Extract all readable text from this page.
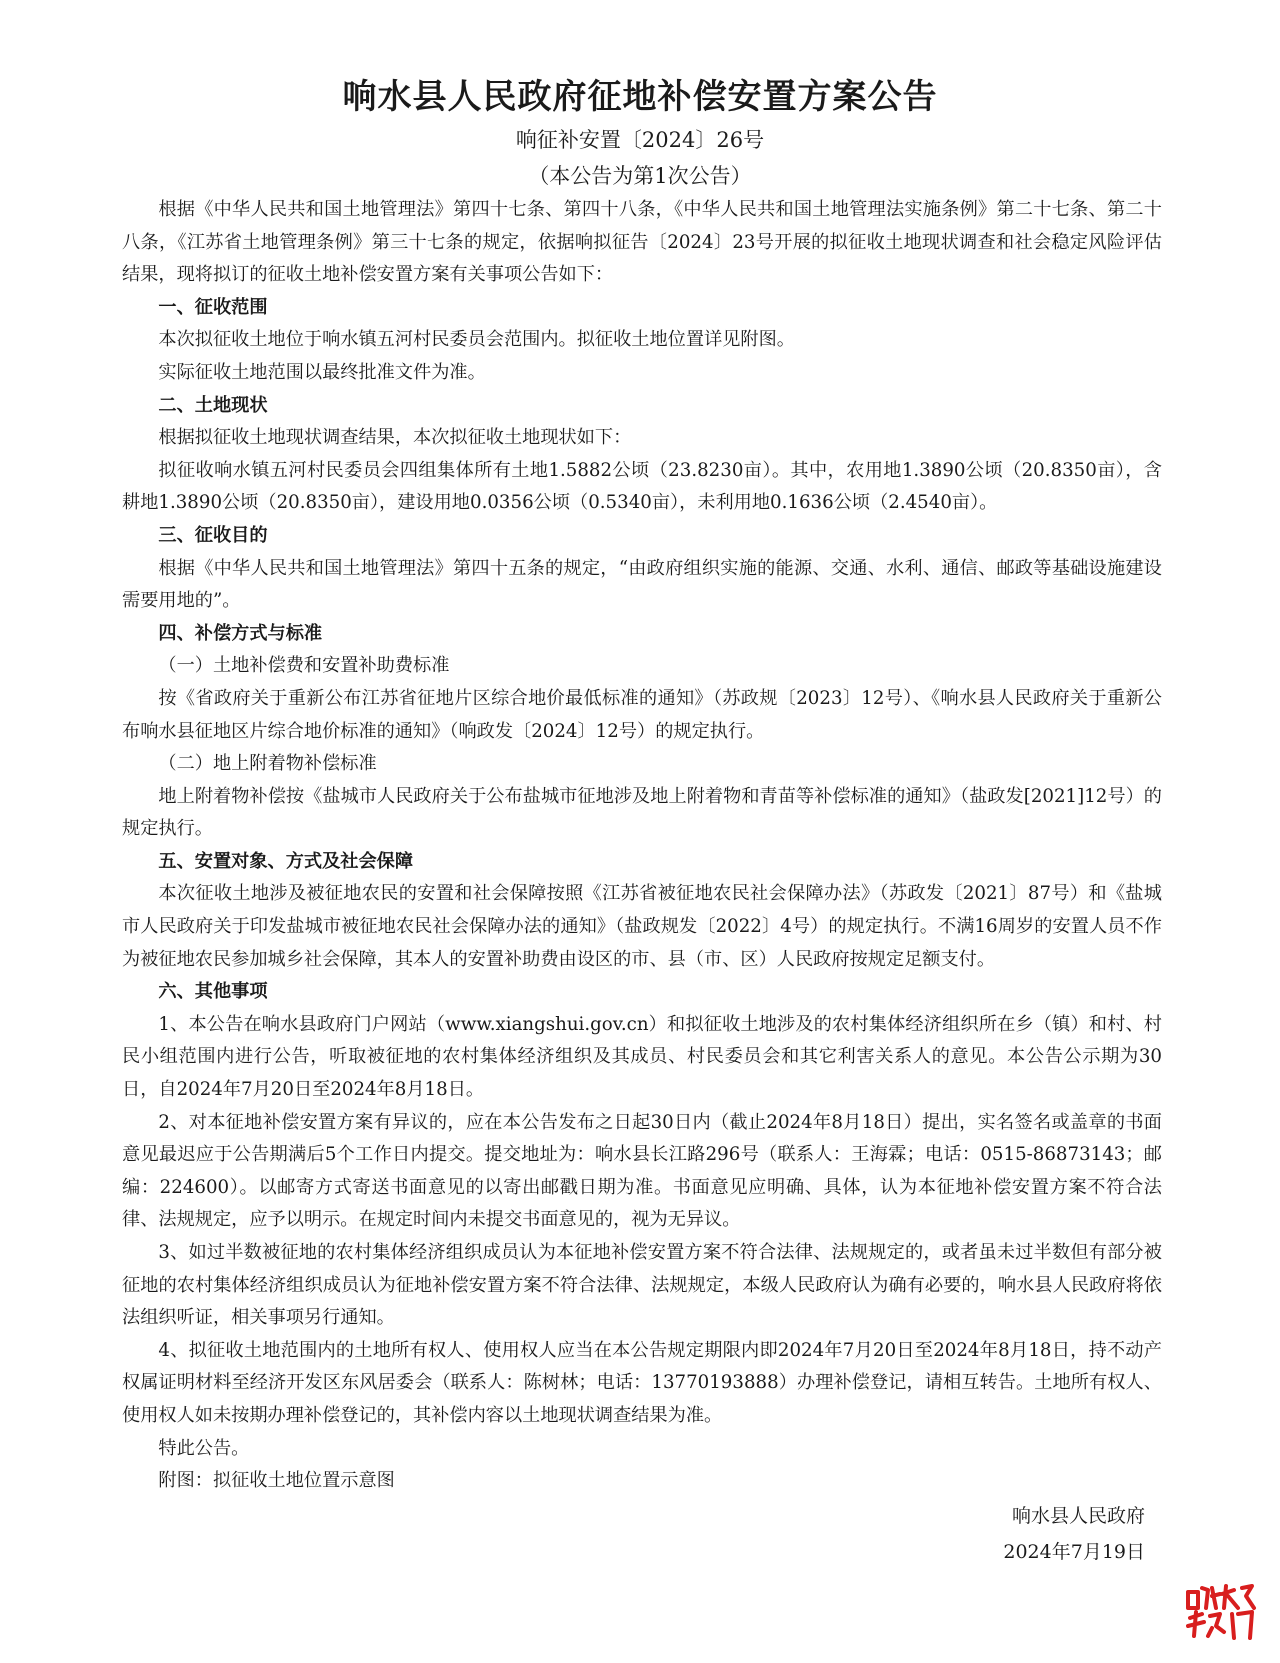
响水县人民政府征地补偿安置方案公告
响征补安置〔2024〕26号
（本公告为第1次公告）

根据《中华人民共和国土地管理法》第四十七条、第四十八条，《中华人民共和国土地管理法实施条例》第二十七条、第二十八条，《江苏省土地管理条例》第三十七条的规定，依据响拟征告〔2024〕23号开展的拟征收土地现状调查和社会稳定风险评估结果，现将拟订的征收土地补偿安置方案有关事项公告如下：

一、征收范围

本次拟征收土地位于响水镇五河村民委员会范围内。拟征收土地位置详见附图。

实际征收土地范围以最终批准文件为准。

二、土地现状

根据拟征收土地现状调查结果，本次拟征收土地现状如下：

拟征收响水镇五河村民委员会四组集体所有土地1.5882公顷（23.8230亩）。其中，农用地1.3890公顷（20.8350亩），含耕地1.3890公顷（20.8350亩），建设用地0.0356公顷（0.5340亩），未利用地0.1636公顷（2.4540亩）。

三、征收目的

根据《中华人民共和国土地管理法》第四十五条的规定，“由政府组织实施的能源、交通、水利、通信、邮政等基础设施建设需要用地的”。

四、补偿方式与标准

（一）土地补偿费和安置补助费标准

按《省政府关于重新公布江苏省征地片区综合地价最低标准的通知》（苏政规〔2023〕12号）、《响水县人民政府关于重新公布响水县征地区片综合地价标准的通知》（响政发〔2024〕12号）的规定执行。

（二）地上附着物补偿标准

地上附着物补偿按《盐城市人民政府关于公布盐城市征地涉及地上附着物和青苗等补偿标准的通知》（盐政发[2021]12号）的规定执行。

五、安置对象、方式及社会保障

本次征收土地涉及被征地农民的安置和社会保障按照《江苏省被征地农民社会保障办法》（苏政发〔2021〕87号）和《盐城市人民政府关于印发盐城市被征地农民社会保障办法的通知》（盐政规发〔2022〕4号）的规定执行。不满16周岁的安置人员不作为被征地农民参加城乡社会保障，其本人的安置补助费由设区的市、县（市、区）人民政府按规定足额支付。

六、其他事项

1、本公告在响水县政府门户网站（www.xiangshui.gov.cn）和拟征收土地涉及的农村集体经济组织所在乡（镇）和村、村民小组范围内进行公告，听取被征地的农村集体经济组织及其成员、村民委员会和其它利害关系人的意见。本公告公示期为30日，自2024年7月20日至2024年8月18日。

2、对本征地补偿安置方案有异议的，应在本公告发布之日起30日内（截止2024年8月18日）提出，实名签名或盖章的书面意见最迟应于公告期满后5个工作日内提交。提交地址为：响水县长江路296号（联系人：王海霖；电话：0515-86873143；邮编：224600）。以邮寄方式寄送书面意见的以寄出邮戳日期为准。书面意见应明确、具体，认为本征地补偿安置方案不符合法律、法规规定，应予以明示。在规定时间内未提交书面意见的，视为无异议。

3、如过半数被征地的农村集体经济组织成员认为本征地补偿安置方案不符合法律、法规规定的，或者虽未过半数但有部分被征地的农村集体经济组织成员认为征地补偿安置方案不符合法律、法规规定，本级人民政府认为确有必要的，响水县人民政府将依法组织听证，相关事项另行通知。

4、拟征收土地范围内的土地所有权人、使用权人应当在本公告规定期限内即2024年7月20日至2024年8月18日，持不动产权属证明材料至经济开发区东风居委会（联系人：陈树林；电话：13770193888）办理补偿登记，请相互转告。土地所有权人、使用权人如未按期办理补偿登记的，其补偿内容以土地现状调查结果为准。

特此公告。

附图：拟征收土地位置示意图

响水县人民政府
2024年7月19日
